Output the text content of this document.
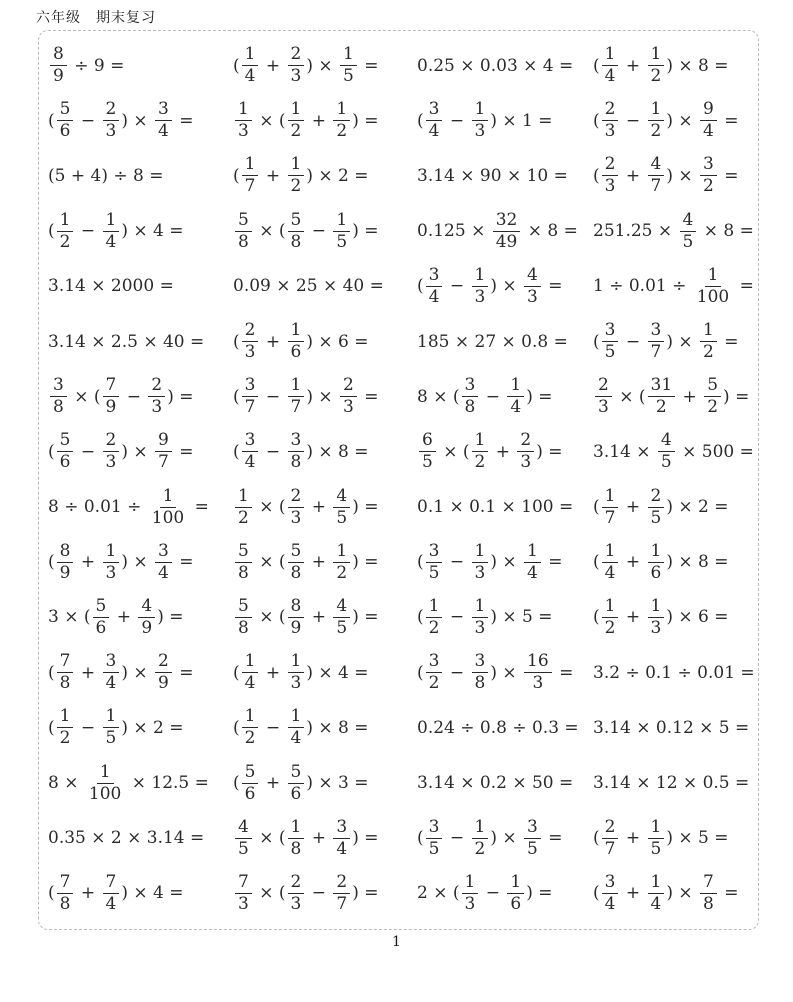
六年级　期末复习
$\frac{8}{9} \div 9$ =	( $\frac{1}{4} + \frac{2}{3}$ ) × $\frac{1}{5} = 0.25 \times 0.03 \times 4$ = ( $\frac{1}{4} + \frac{1}{2}$ ) × 8 =
( $\frac{5}{6} - \frac{2}{3}$ ) × $\frac{3}{4} = \frac{1}{3}$ × ( $\frac{1}{2} + \frac{1}{2}$ ) = ( $\frac{3}{4} - \frac{1}{3}$ ) × 1 = ( $\frac{2}{3} - \frac{1}{2}$ ) × $\frac{9}{4}$ =
(5 + 4) ÷ 8 =	( $\frac{1}{7} + \frac{1}{2}$ ) × 2 =	3.14 × 90 × 10 = ( $\frac{2}{3} + \frac{4}{7}$ ) × $\frac{3}{2}$ =
( $\frac{1}{2} - \frac{1}{4}$ ) × 4 =	$\frac{5}{8}$ × ( $\frac{5}{8} - \frac{1}{5}$ ) = $0.125 \times \frac{32}{49} \times 8 = 251.25 \times \frac{4}{5} \times 8$ =
3.14 × 2000 =	0.09 × 25 × 40 = ( $\frac{3}{4} - \frac{1}{3}$ ) × $\frac{4}{3} = 1 \div 0.01 \div \frac{1}{100}$ =
3.14 × 2.5 × 40 = ( $\frac{2}{3} + \frac{1}{6}$ ) × 6 =	185 × 27 × 0.8 = ( $\frac{3}{5} - \frac{3}{7}$ ) × $\frac{1}{2}$ =
$\frac{3}{8}$ × ( $\frac{7}{9} - \frac{2}{3}$ ) = ( $\frac{3}{7} - \frac{1}{7}$ ) × $\frac{2}{3} = 8$ × ( $\frac{3}{8} - \frac{1}{4}$ ) =	$\frac{2}{3}$ × ( $\frac{31}{2} + \frac{5}{2}$ ) =
( $\frac{5}{6} - \frac{2}{3}$ ) × $\frac{9}{7}$ = ( $\frac{3}{4} - \frac{3}{8}$ ) × 8 =	$\frac{6}{5}$ × ( $\frac{1}{2} + \frac{2}{3}$ ) = $3.14 \times \frac{4}{5} \times 500$ =
$8 \div 0.01 \div \frac{1}{100} = \frac{1}{2}$ × ( $\frac{2}{3} + \frac{4}{5}$ ) = 0.1 × 0.1 × 100 = ( $\frac{1}{7} + \frac{2}{5}$ ) × 2 =
( $\frac{8}{9} + \frac{1}{3}$ ) × $\frac{3}{4} = \frac{5}{8}$ × ( $\frac{5}{8} + \frac{1}{2}$ ) = ( $\frac{3}{5} - \frac{1}{3}$ ) × $\frac{1}{4}$ = ( $\frac{1}{4} + \frac{1}{6}$ ) × 8 =
3 × ( $\frac{5}{6} + \frac{4}{9}$ ) =	$\frac{5}{8}$ × ( $\frac{8}{9} + \frac{4}{5}$ ) = ( $\frac{1}{2} - \frac{1}{3}$ ) × 5 = ( $\frac{1}{2} + \frac{1}{3}$ ) × 6 =
( $\frac{7}{8} + \frac{3}{4}$ ) × $\frac{2}{9}$ = ( $\frac{1}{4} + \frac{1}{3}$ ) × 4 =	( $\frac{3}{2} - \frac{3}{8}$ ) × $\frac{16}{3} = 3.2 \div 0.1 \div 0.01$ =
( $\frac{1}{2} - \frac{1}{5}$ ) × 2 =	( $\frac{1}{2} - \frac{1}{4}$ ) × 8 =	0.24 ÷ 0.8 ÷ 0.3 = 3.14 × 0.12 × 5 =
$8 \times \frac{1}{100} \times 12.5$ = ( $\frac{5}{6} + \frac{5}{6}$ ) × 3 =	3.14 × 0.2 × 50 = 3.14 × 12 × 0.5 =
$0.35 \times 2 \times 3.14 = \frac{4}{5}$ × ( $\frac{1}{8} + \frac{3}{4}$ ) = ( $\frac{3}{5} - \frac{1}{2}$ ) × $\frac{3}{5}$ = ( $\frac{2}{7} + \frac{1}{5}$ ) × 5 =
( $\frac{7}{8} + \frac{7}{4}$ ) × 4 =	$\frac{7}{3}$ × ( $\frac{2}{3} - \frac{2}{7}$ ) = 2 × ( $\frac{1}{3} - \frac{1}{6}$ ) = ( $\frac{3}{4} + \frac{1}{4}$ ) × $\frac{7}{8}$ =
1
